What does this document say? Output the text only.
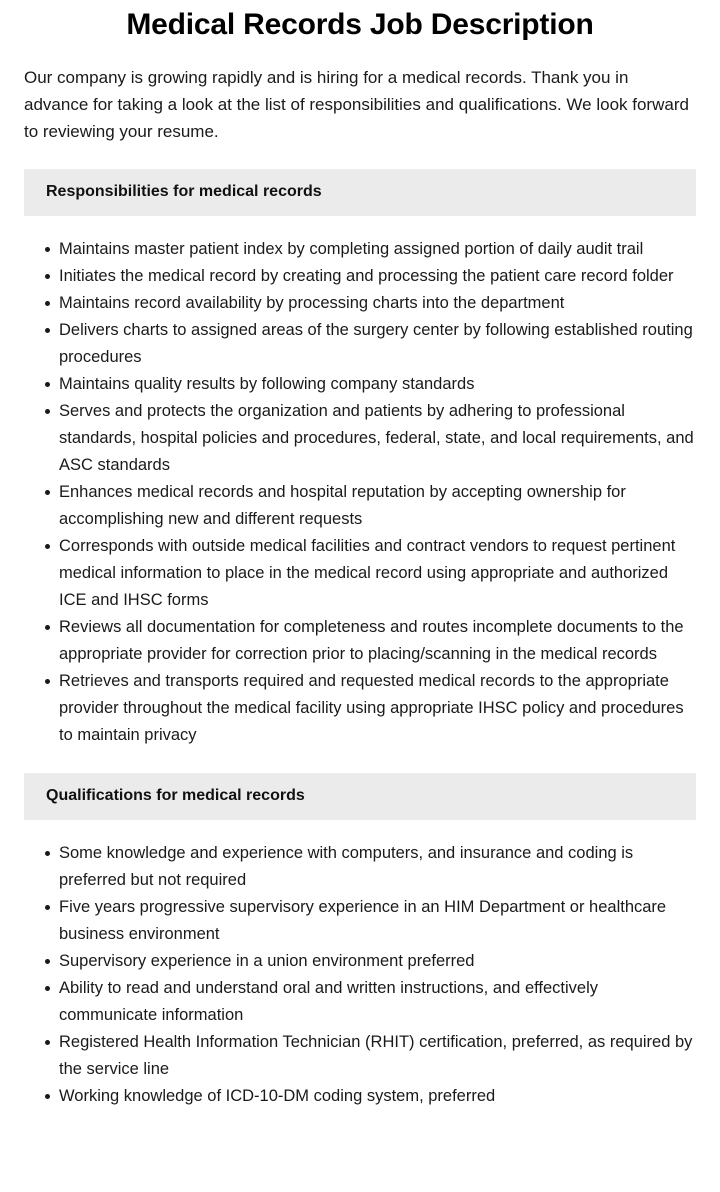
Medical Records Job Description

Our company is growing rapidly and is hiring for a medical records. Thank you in advance for taking a look at the list of responsibilities and qualifications. We look forward to reviewing your resume.

Responsibilities for medical records
Maintains master patient index by completing assigned portion of daily audit trail
Initiates the medical record by creating and processing the patient care record folder
Maintains record availability by processing charts into the department
Delivers charts to assigned areas of the surgery center by following established routing procedures
Maintains quality results by following company standards
Serves and protects the organization and patients by adhering to professional standards, hospital policies and procedures, federal, state, and local requirements, and ASC standards
Enhances medical records and hospital reputation by accepting ownership for accomplishing new and different requests
Corresponds with outside medical facilities and contract vendors to request pertinent medical information to place in the medical record using appropriate and authorized ICE and IHSC forms
Reviews all documentation for completeness and routes incomplete documents to the appropriate provider for correction prior to placing/scanning in the medical records
Retrieves and transports required and requested medical records to the appropriate provider throughout the medical facility using appropriate IHSC policy and procedures to maintain privacy
Qualifications for medical records
Some knowledge and experience with computers, and insurance and coding is preferred but not required
Five years progressive supervisory experience in an HIM Department or healthcare business environment
Supervisory experience in a union environment preferred
Ability to read and understand oral and written instructions, and effectively communicate information
Registered Health Information Technician (RHIT) certification, preferred, as required by the service line
Working knowledge of ICD-10-DM coding system, preferred
